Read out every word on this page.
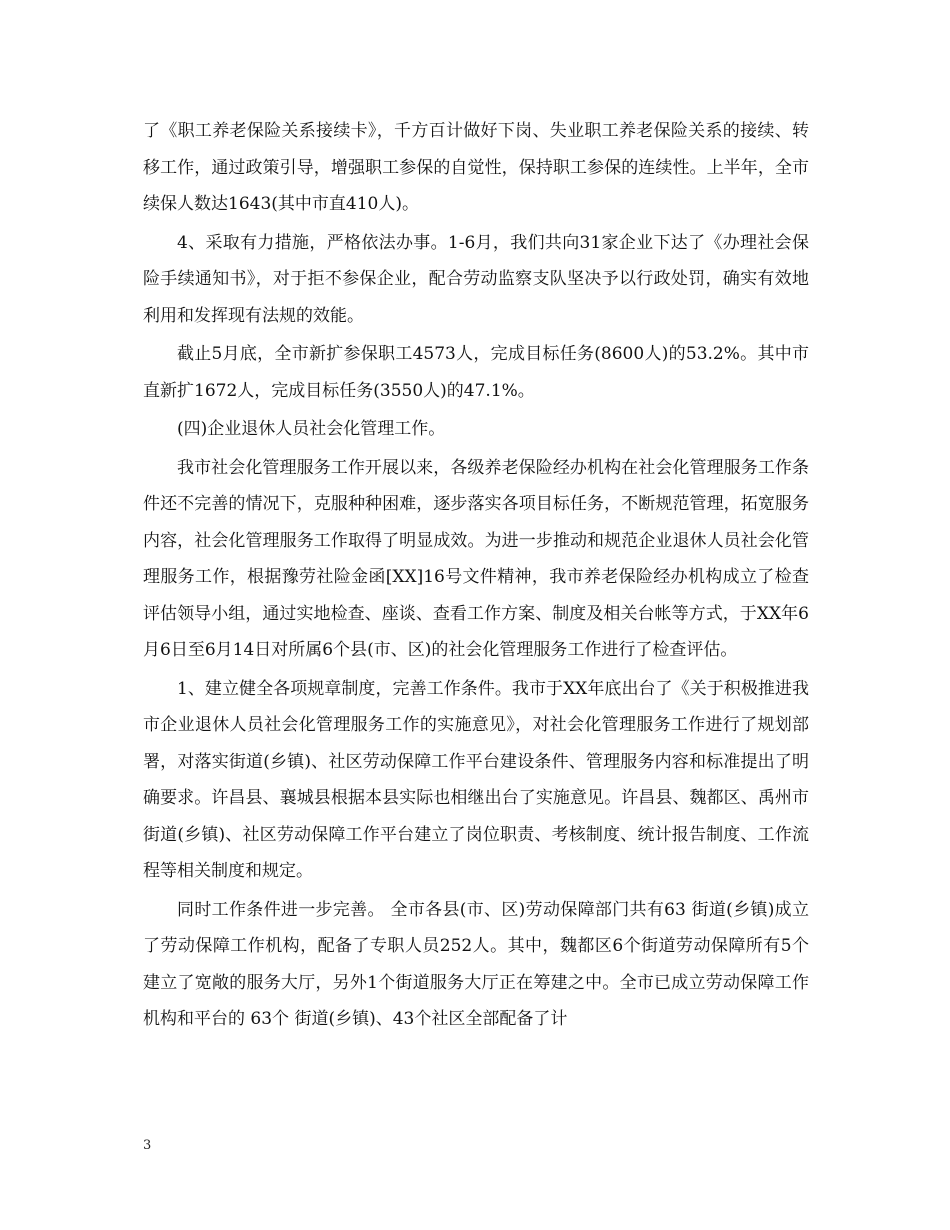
了《职工养老保险关系接续卡》，千方百计做好下岗、失业职工养老保险关系的接续、转移工作，通过政策引导，增强职工参保的自觉性，保持职工参保的连续性。上半年，全市续保人数达1643(其中市直410人)。

4、采取有力措施，严格依法办事。1-6月，我们共向31家企业下达了《办理社会保险手续通知书》，对于拒不参保企业，配合劳动监察支队坚决予以行政处罚，确实有效地利用和发挥现有法规的效能。

截止5月底，全市新扩参保职工4573人，完成目标任务(8600人)的53.2%。其中市直新扩1672人，完成目标任务(3550人)的47.1%。

(四)企业退休人员社会化管理工作。

我市社会化管理服务工作开展以来，各级养老保险经办机构在社会化管理服务工作条件还不完善的情况下，克服种种困难，逐步落实各项目标任务，不断规范管理，拓宽服务内容，社会化管理服务工作取得了明显成效。为进一步推动和规范企业退休人员社会化管理服务工作，根据豫劳社险金函[XX]16号文件精神，我市养老保险经办机构成立了检查评估领导小组，通过实地检查、座谈、查看工作方案、制度及相关台帐等方式，于XX年6月6日至6月14日对所属6个县(市、区)的社会化管理服务工作进行了检查评估。

1、建立健全各项规章制度，完善工作条件。我市于XX年底出台了《关于积极推进我市企业退休人员社会化管理服务工作的实施意见》，对社会化管理服务工作进行了规划部署，对落实街道(乡镇)、社区劳动保障工作平台建设条件、管理服务内容和标准提出了明确要求。许昌县、襄城县根据本县实际也相继出台了实施意见。许昌县、魏都区、禹州市街道(乡镇)、社区劳动保障工作平台建立了岗位职责、考核制度、统计报告制度、工作流程等相关制度和规定。

同时工作条件进一步完善。 全市各县(市、区)劳动保障部门共有63 街道(乡镇)成立了劳动保障工作机构，配备了专职人员252人。其中，魏都区6个街道劳动保障所有5个建立了宽敞的服务大厅，另外1个街道服务大厅正在筹建之中。全市已成立劳动保障工作机构和平台的 63个 街道(乡镇)、43个社区全部配备了计

3
